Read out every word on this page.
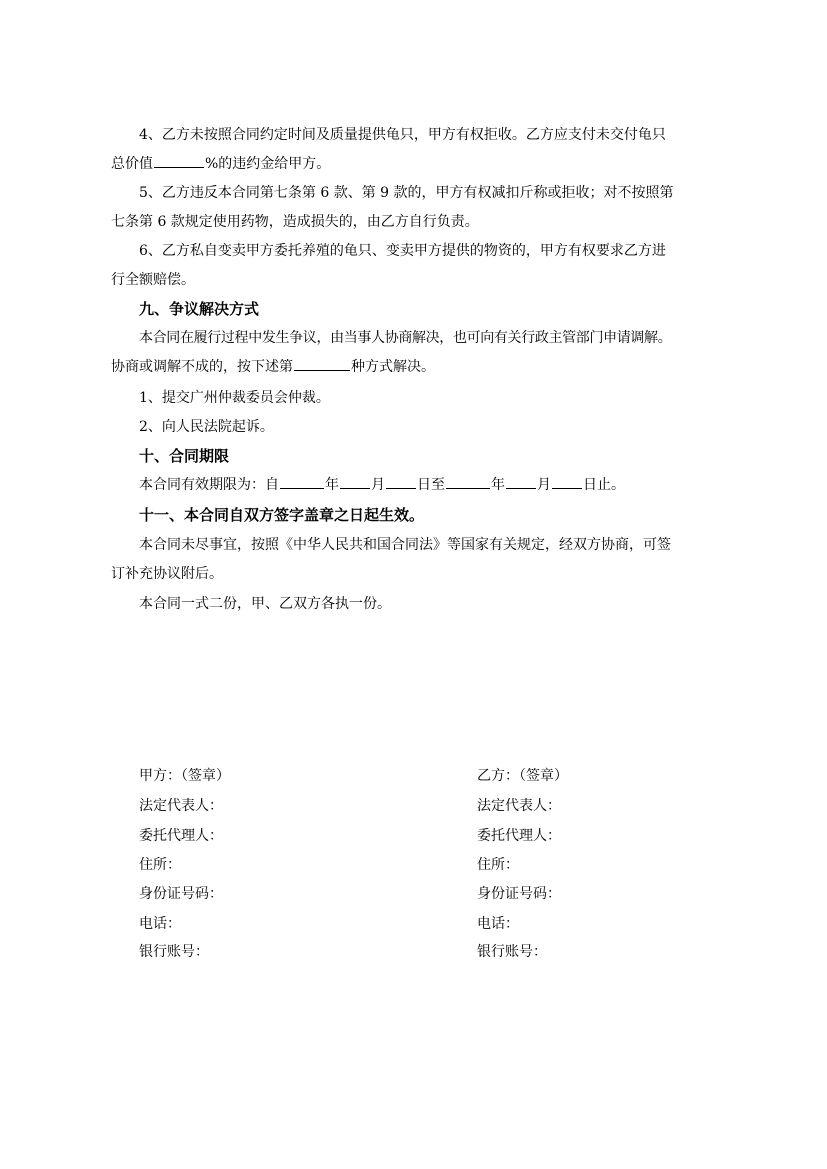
4、乙方未按照合同约定时间及质量提供龟只，甲方有权拒收。乙方应支付未交付龟只
总价值	%的违约金给甲方。
5、乙方违反本合同第七条第 6 款、第 9 款的，甲方有权减扣斤称或拒收；对不按照第
七条第 6 款规定使用药物，造成损失的，由乙方自行负责。
6、乙方私自变卖甲方委托养殖的龟只、变卖甲方提供的物资的，甲方有权要求乙方进
行全额赔偿。
九、争议解决方式
本合同在履行过程中发生争议，由当事人协商解决，也可向有关行政主管部门申请调解。
协商或调解不成的，按下述第	种方式解决。
1、提交广州仲裁委员会仲裁。
2、向人民法院起诉。
十、合同期限
本合同有效期限为：自	年 月 日至	年 月 日止。
十一、本合同自双方签字盖章之日起生效。
本合同未尽事宜，按照《中华人民共和国合同法》等国家有关规定，经双方协商，可签
订补充协议附后。
本合同一式二份，甲、乙双方各执一份。
甲方：（签章）
法定代表人：
委托代理人：
住所：
身份证号码：
电话：
银行账号：
乙方：（签章）
法定代表人：
委托代理人：
住所：
身份证号码：
电话：
银行账号：
